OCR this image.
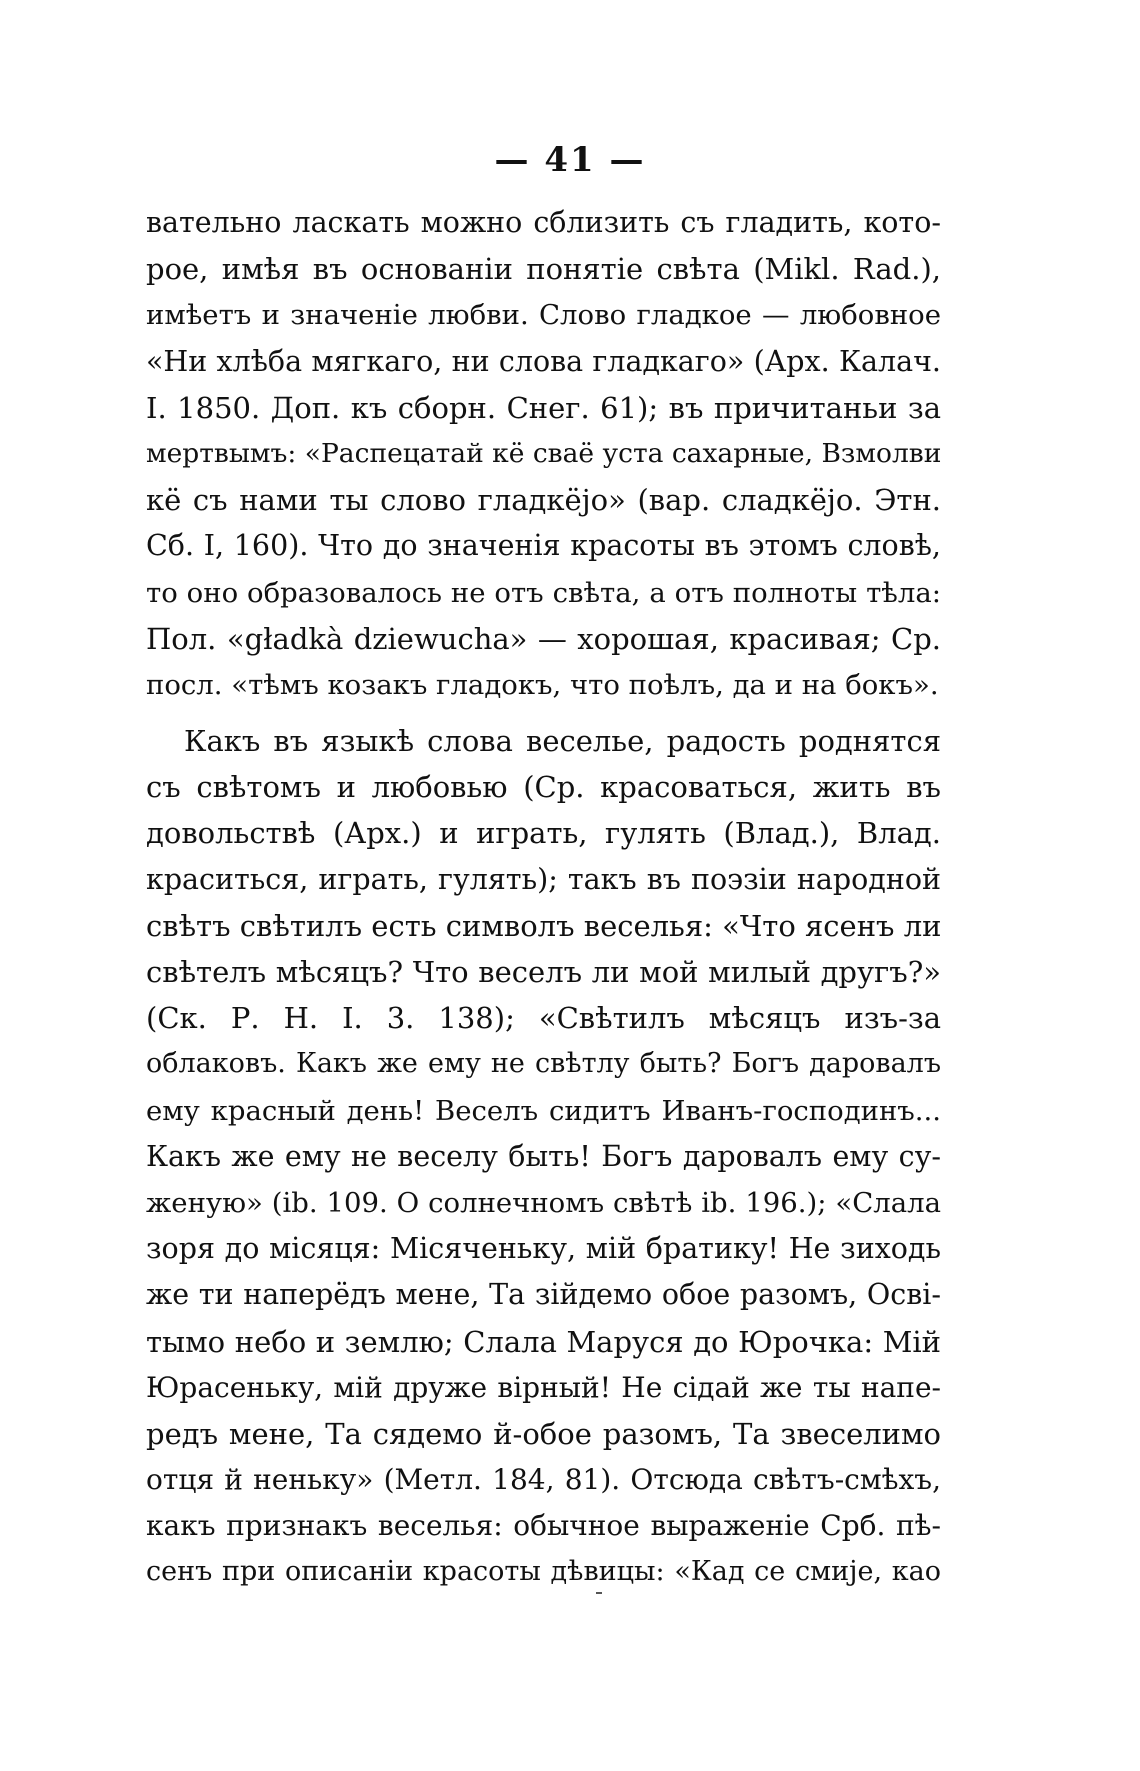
— 41 —
вательно ласкать можно сблизить съ гладить, кото-
рое, имѣя въ основаніи понятіе свѣта (Mikl. Rad.),
имѣетъ и значеніе любви. Слово гладкое — любовное
«Ни хлѣба мягкаго, ни слова гладкаго» (Арх. Калач.
I. 1850. Доп. къ сборн. Снег. 61); въ причитаньи за
мертвымъ: «Распецатай кё сваё уста сахарные, Взмолви
кё съ нами ты слово гладкёjо» (вар. сладкёjо. Этн.
Сб. I, 160). Что до значенія красоты въ этомъ словѣ,
то оно образовалось не отъ свѣта, а отъ полноты тѣла:
Пол. «gładkà dziewucha» — хорошая, красивая; Ср.
посл. «тѣмъ козакъ гладокъ, что поѣлъ, да и на бокъ».
Какъ въ языкѣ слова веселье, радость роднятся
съ свѣтомъ и любовью (Ср. красоваться, жить въ
довольствѣ (Арх.) и играть, гулять (Влад.), Влад.
краситься, играть, гулять); такъ въ поэзіи народной
свѣтъ свѣтилъ есть символъ веселья: «Что ясенъ ли
свѣтелъ мѣсяцъ? Что веселъ ли мой милый другъ?»
(Ск. Р. Н. I. 3. 138); «Свѣтилъ мѣсяцъ изъ-за
облаковъ. Какъ же ему не свѣтлу быть? Богъ даровалъ
ему красный день! Веселъ сидитъ Иванъ-господинъ...
Какъ же ему не веселу быть! Богъ даровалъ ему су-
женую» (ib. 109. О солнечномъ свѣтѣ ib. 196.); «Слала
зоря до місяця: Місяченьку, мій братику! Не зиходь
же ти наперёдъ мене, Та зійдемо обое разомъ, Осві-
тымо небо и землю; Слала Маруся до Юрочка: Мій
Юрасеньку, мій друже вірный! Не сідай же ты напе-
редъ мене, Та сядемо й-обое разомъ, Та звеселимо
отця й неньку» (Метл. 184, 81). Отсюда свѣтъ-смѣхъ,
какъ признакъ веселья: обычное выраженіе Срб. пѣ-
сенъ при описаніи красоты дѣвицы: «Кад се смије, као
